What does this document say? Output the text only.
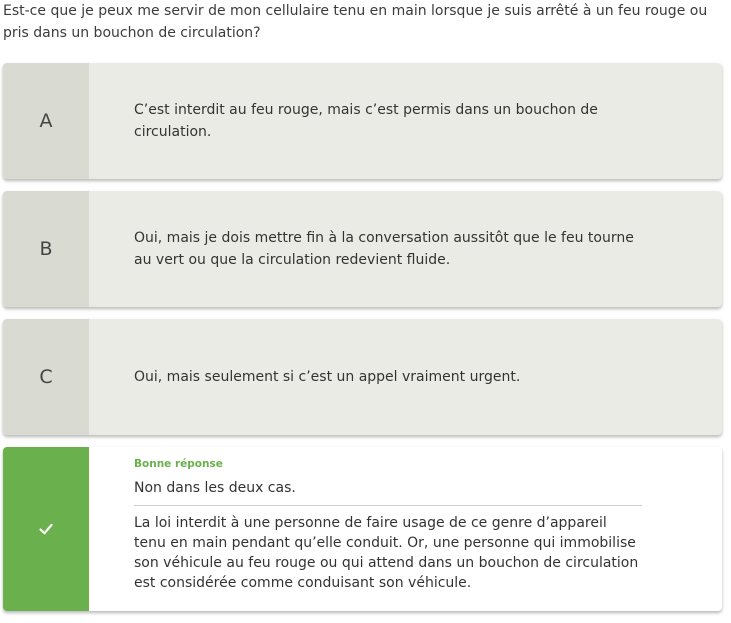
Est-ce que je peux me servir de mon cellulaire tenu en main lorsque je suis arrêté à un feu rouge ou pris dans un bouchon de circulation?

A	C’est interdit au feu rouge, mais c’est permis dans un bouchon de circulation.
B	Oui, mais je dois mettre fin à la conversation aussitôt que le feu tourne au vert ou que la circulation redevient fluide.
C	Oui, mais seulement si c’est un appel vraiment urgent.

Bonne réponse

Non dans les deux cas.

La loi interdit à une personne de faire usage de ce genre d’appareil tenu en main pendant qu’elle conduit. Or, une personne qui immobilise son véhicule au feu rouge ou qui attend dans un bouchon de circulation est considérée comme conduisant son véhicule.
